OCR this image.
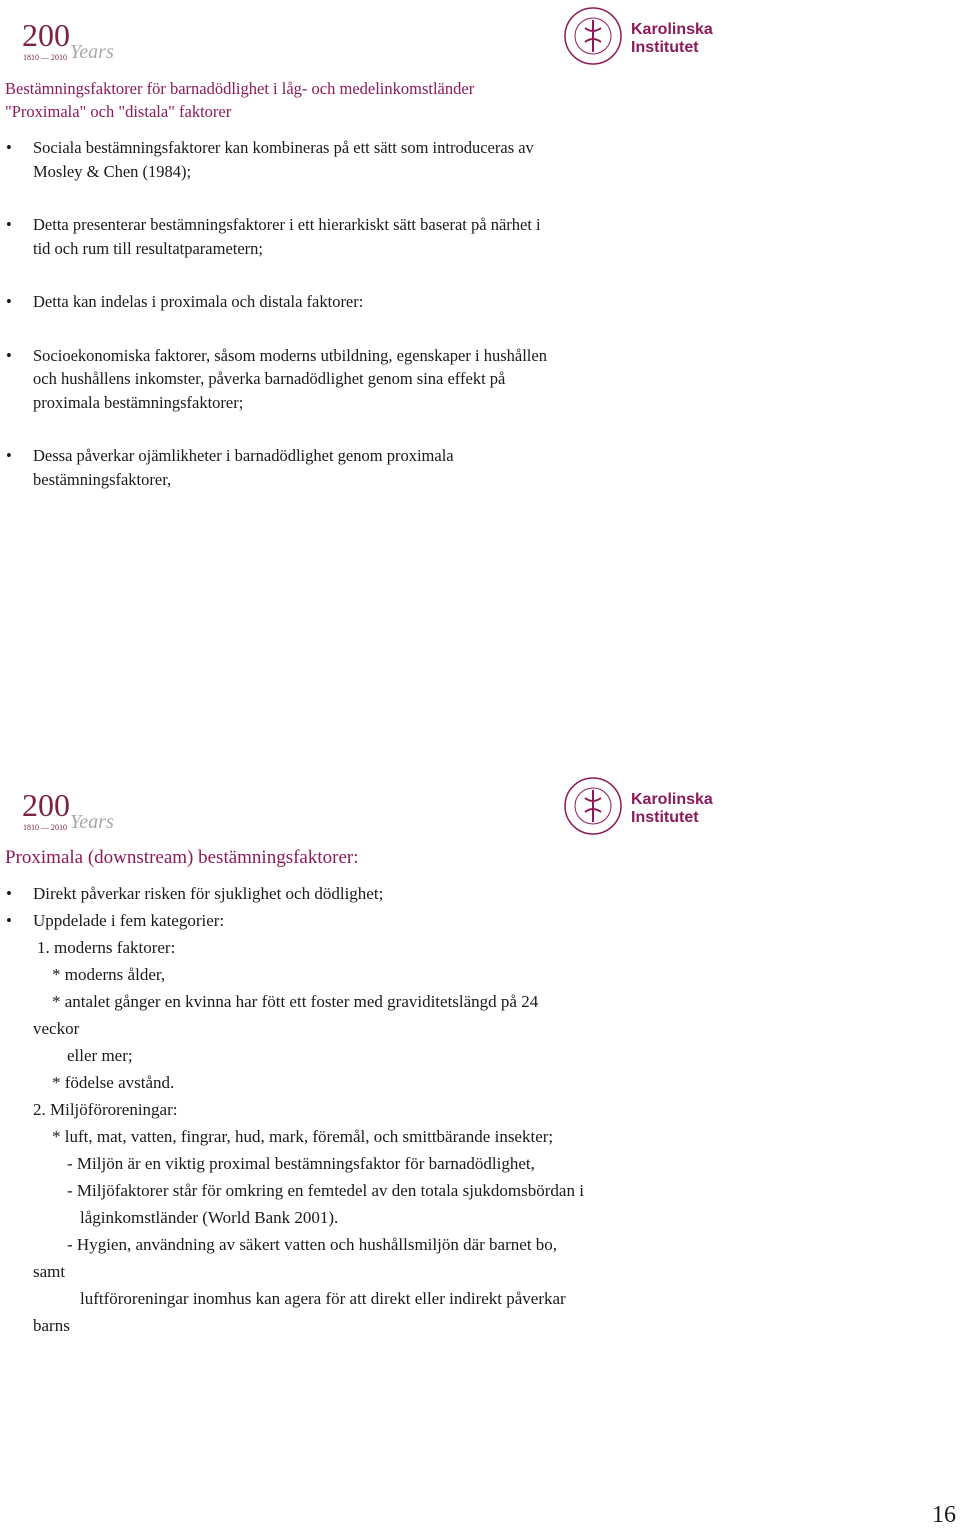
200
1810 — 2010 Years
Karolinska
Institutet
Bestämningsfaktorer för barnadödlighet i låg- och medelinkomstländer
"Proximala" och "distala" faktorer
• Sociala bestämningsfaktorer kan kombineras på ett sätt som introduceras av
Mosley & Chen (1984);
• Detta presenterar bestämningsfaktorer i ett hierarkiskt sätt baserat på närhet i
tid och rum till resultatparametern;
• Detta kan indelas i proximala och distala faktorer:
• Socioekonomiska faktorer, såsom moderns utbildning, egenskaper i hushållen
och hushållens inkomster, påverka barnadödlighet genom sina effekt på
proximala bestämningsfaktorer;
• Dessa påverkar ojämlikheter i barnadödlighet genom proximala
bestämningsfaktorer,
200
1810 — 2010 Years
Karolinska
Institutet
Proximala (downstream) bestämningsfaktorer:
• Direkt påverkar risken för sjuklighet och dödlighet;
• Uppdelade i fem kategorier:
1. moderns faktorer:
* moderns ålder,
* antalet gånger en kvinna har fött ett foster med graviditetslängd på 24
veckor
eller mer;
* födelse avstånd.
2. Miljöföroreningar:
* luft, mat, vatten, fingrar, hud, mark, föremål, och smittbärande insekter;
- Miljön är en viktig proximal bestämningsfaktor för barnadödlighet,
- Miljöfaktorer står för omkring en femtedel av den totala sjukdomsbördan i
låginkomstländer (World Bank 2001).
- Hygien, användning av säkert vatten och hushållsmiljön där barnet bo,
samt
luftföroreningar inomhus kan agera för att direkt eller indirekt påverkar
barns
16
